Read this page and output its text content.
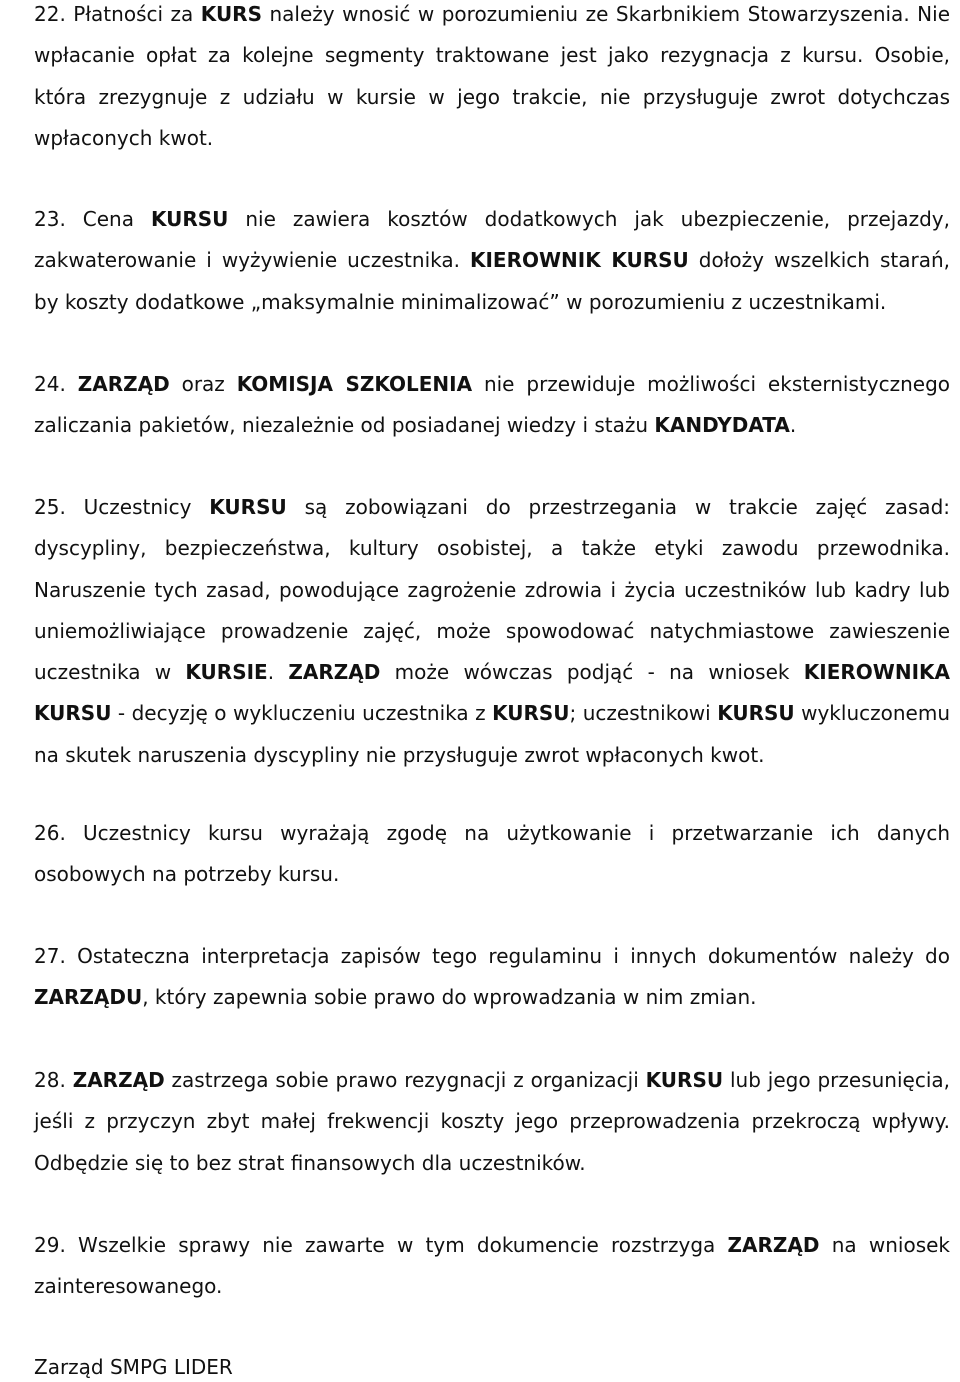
22. Płatności za KURS należy wnosić w porozumieniu ze Skarbnikiem Stowarzyszenia. Nie wpłacanie opłat za kolejne segmenty traktowane jest jako rezygnacja z kursu. Osobie, która zrezygnuje z udziału w kursie w jego trakcie, nie przysługuje zwrot dotychczas wpłaconych kwot.

23. Cena KURSU nie zawiera kosztów dodatkowych jak ubezpieczenie, przejazdy, zakwaterowanie i wyżywienie uczestnika. KIEROWNIK KURSU dołoży wszelkich starań, by koszty dodatkowe „maksymalnie minimalizować” w porozumieniu z uczestnikami.

24. ZARZĄD oraz KOMISJA SZKOLENIA nie przewiduje możliwości eksternistycznego zaliczania pakietów, niezależnie od posiadanej wiedzy i stażu KANDYDATA.

25. Uczestnicy KURSU są zobowiązani do przestrzegania w trakcie zajęć zasad: dyscypliny, bezpieczeństwa, kultury osobistej, a także etyki zawodu przewodnika. Naruszenie tych zasad, powodujące zagrożenie zdrowia i życia uczestników lub kadry lub uniemożliwiające prowadzenie zajęć, może spowodować natychmiastowe zawieszenie uczestnika w KURSIE. ZARZĄD może wówczas podjąć - na wniosek KIEROWNIKA KURSU - decyzję o wykluczeniu uczestnika z KURSU; uczestnikowi KURSU wykluczonemu na skutek naruszenia dyscypliny nie przysługuje zwrot wpłaconych kwot.

26. Uczestnicy kursu wyrażają zgodę na użytkowanie i przetwarzanie ich danych osobowych na potrzeby kursu.

27. Ostateczna interpretacja zapisów tego regulaminu i innych dokumentów należy do ZARZĄDU, który zapewnia sobie prawo do wprowadzania w nim zmian.

28. ZARZĄD zastrzega sobie prawo rezygnacji z organizacji KURSU lub jego przesunięcia, jeśli z przyczyn zbyt małej frekwencji koszty jego przeprowadzenia przekroczą wpływy. Odbędzie się to bez strat finansowych dla uczestników.

29. Wszelkie sprawy nie zawarte w tym dokumencie rozstrzyga ZARZĄD na wniosek zainteresowanego.

Zarząd SMPG LIDER
